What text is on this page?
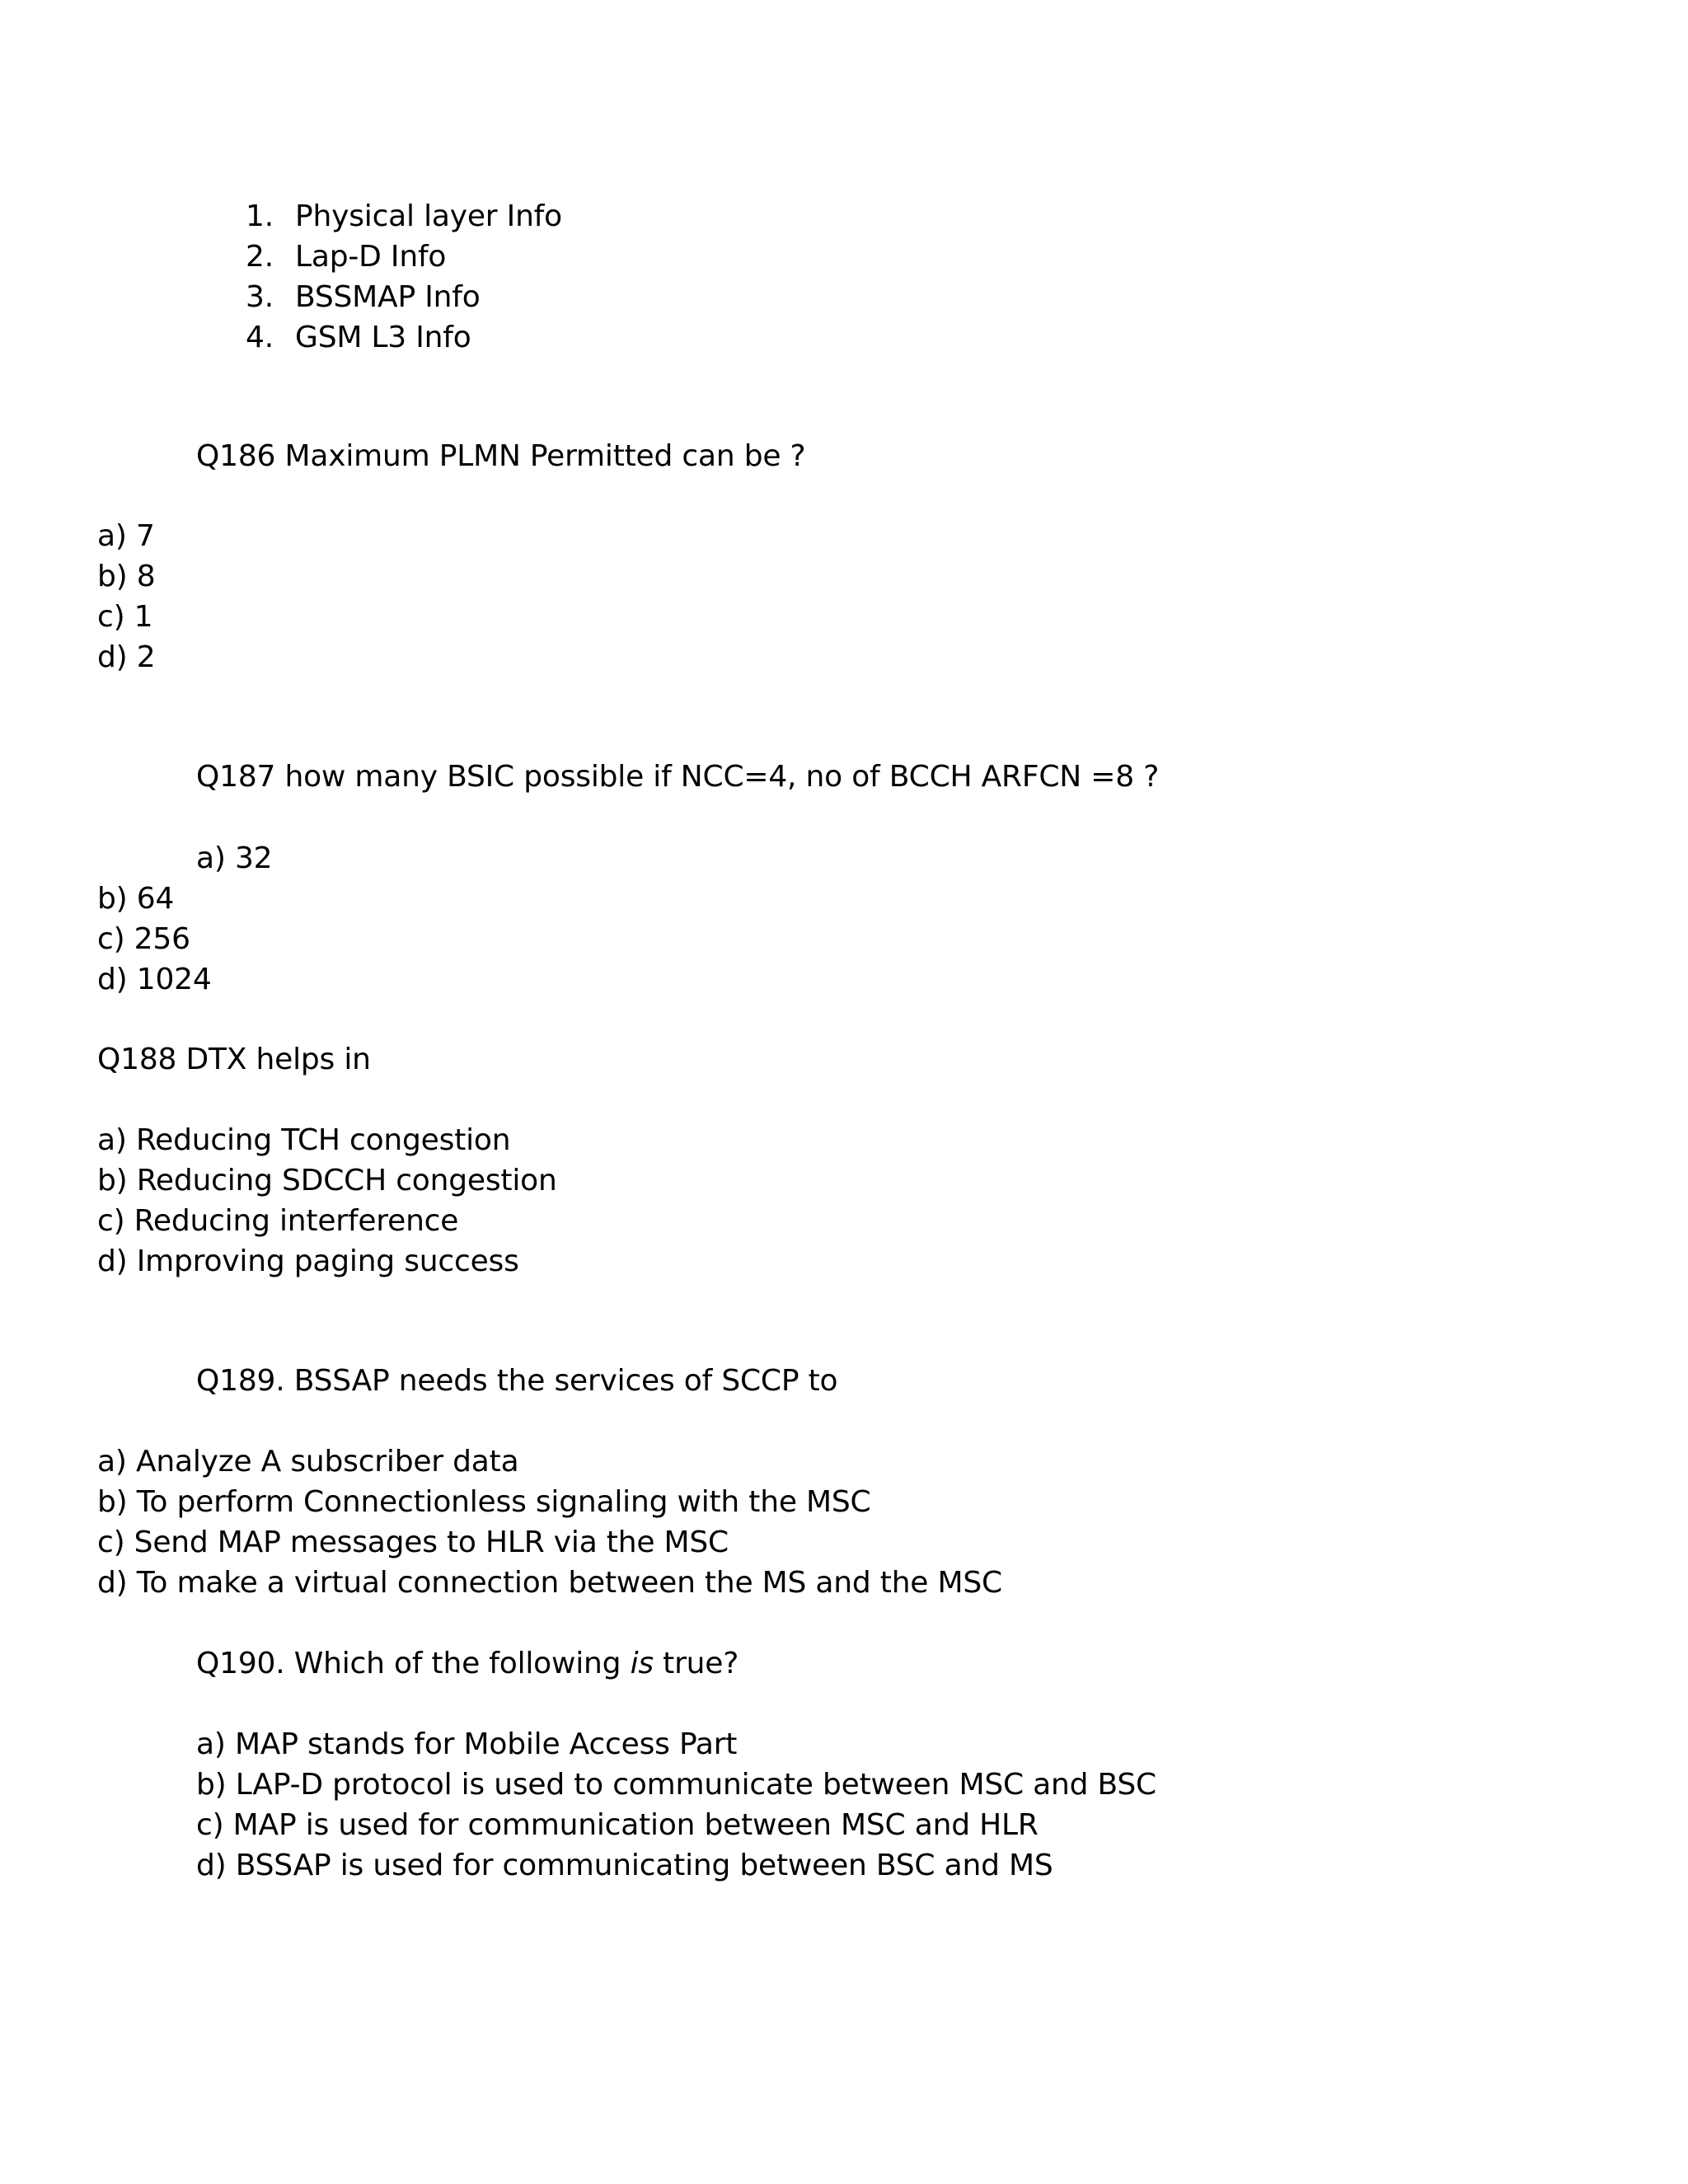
1. Physical layer Info
2. Lap-D Info
3. BSSMAP Info
4. GSM L3 Info
Q186 Maximum PLMN Permitted can be ?
a) 7
b) 8
c) 1
d) 2
Q187 how many BSIC possible if NCC=4, no of BCCH ARFCN =8 ?
a) 32
b) 64
c) 256
d) 1024
Q188 DTX helps in
a) Reducing TCH congestion
b) Reducing SDCCH congestion
c) Reducing interference
d) Improving paging success
Q189. BSSAP needs the services of SCCP to
a) Analyze A subscriber data
b) To perform Connectionless signaling with the MSC
c) Send MAP messages to HLR via the MSC
d) To make a virtual connection between the MS and the MSC
Q190. Which of the following is true?
a) MAP stands for Mobile Access Part
b) LAP-D protocol is used to communicate between MSC and BSC
c) MAP is used for communication between MSC and HLR
d) BSSAP is used for communicating between BSC and MS
